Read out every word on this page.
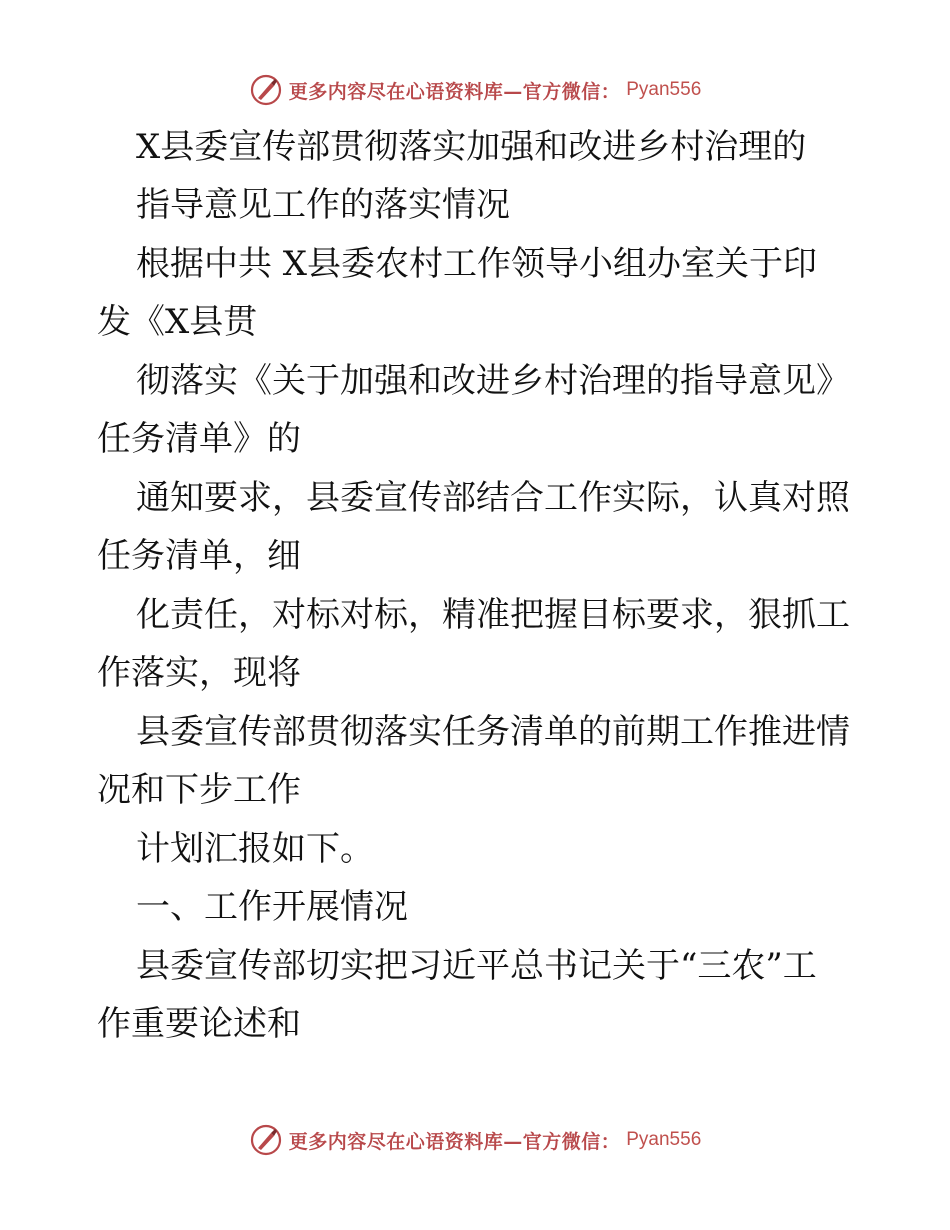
更多内容尽在心语资料库—官方微信： Pyan556
X县委宣传部贯彻落实加强和改进乡村治理的
指导意见工作的落实情况
根据中共 X县委农村工作领导小组办室关于印
发《X县贯
彻落实《关于加强和改进乡村治理的指导意见》
任务清单》的
通知要求，县委宣传部结合工作实际，认真对照
任务清单，细
化责任，对标对标，精准把握目标要求，狠抓工
作落实，现将
县委宣传部贯彻落实任务清单的前期工作推进情
况和下步工作
计划汇报如下。
一、工作开展情况
县委宣传部切实把习近平总书记关于“三农”工
作重要论述和
更多内容尽在心语资料库—官方微信： Pyan556
